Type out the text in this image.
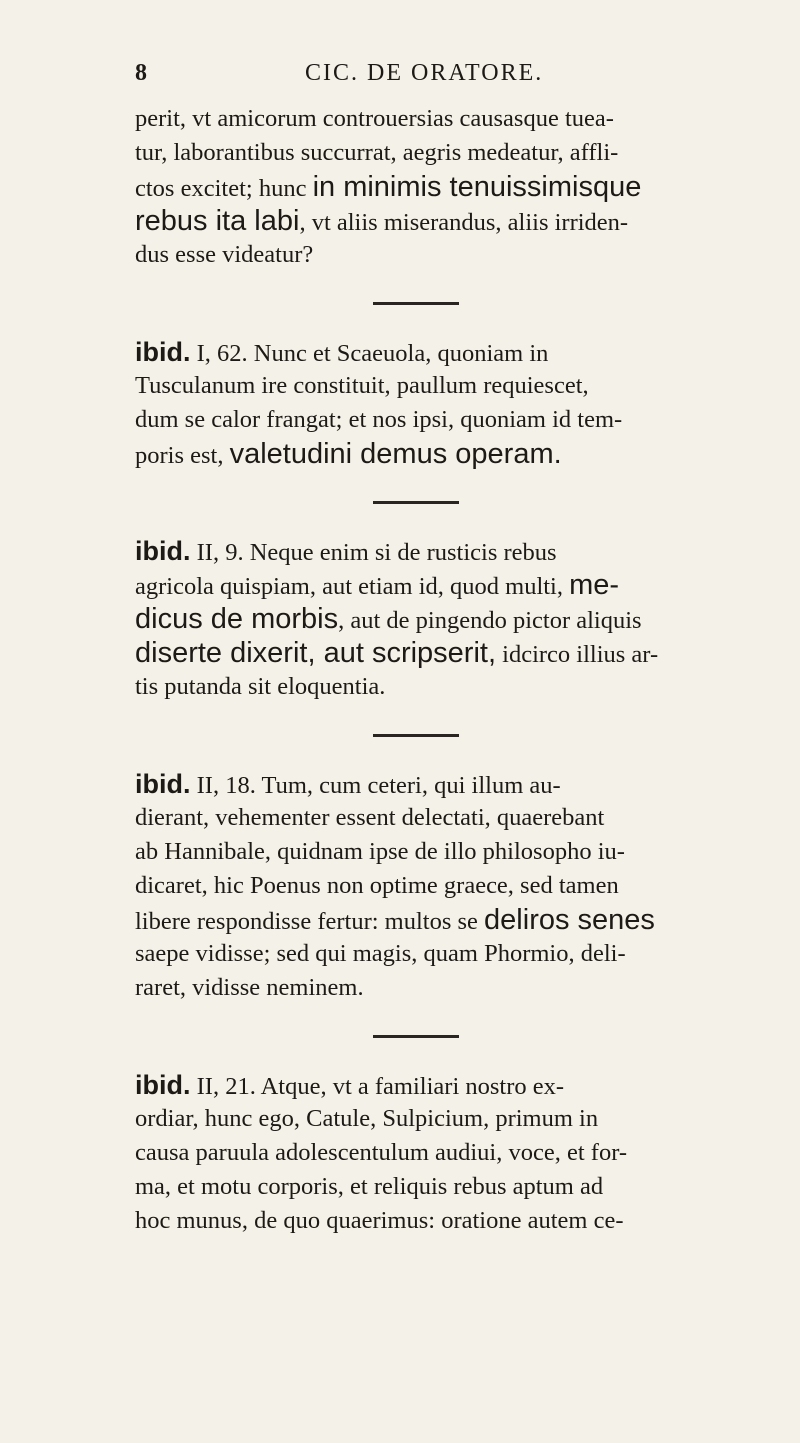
8	CIC. DE ORATORE.
perit, vt amicorum controuersias causasque tuea-
tur, laborantibus succurrat, aegris medeatur, affli-
ctos excitet; hunc in minimis tenuissimisque
rebus ita labi, vt aliis miserandus, aliis irriden-
dus esse videatur?
ibid. I, 62. Nunc et Scaeuola, quoniam in
Tusculanum ire constituit, paullum requiescet,
dum se calor frangat; et nos ipsi, quoniam id tem-
poris est, valetudini demus operam.
ibid. II, 9. Neque enim si de rusticis rebus
agricola quispiam, aut etiam id, quod multi, me-
dicus de morbis, aut de pingendo pictor aliquis
diserte dixerit, aut scripserit, idcirco illius ar-
tis putanda sit eloquentia.
ibid. II, 18. Tum, cum ceteri, qui illum au-
dierant, vehementer essent delectati, quaerebant
ab Hannibale, quidnam ipse de illo philosopho iu-
dicaret, hic Poenus non optime graece, sed tamen
libere respondisse fertur: multos se deliros senes
saepe vidisse; sed qui magis, quam Phormio, deli-
raret, vidisse neminem.
ibid. II, 21. Atque, vt a familiari nostro ex-
ordiar, hunc ego, Catule, Sulpicium, primum in
causa paruula adolescentulum audiui, voce, et for-
ma, et motu corporis, et reliquis rebus aptum ad
hoc munus, de quo quaerimus: oratione autem ce-
